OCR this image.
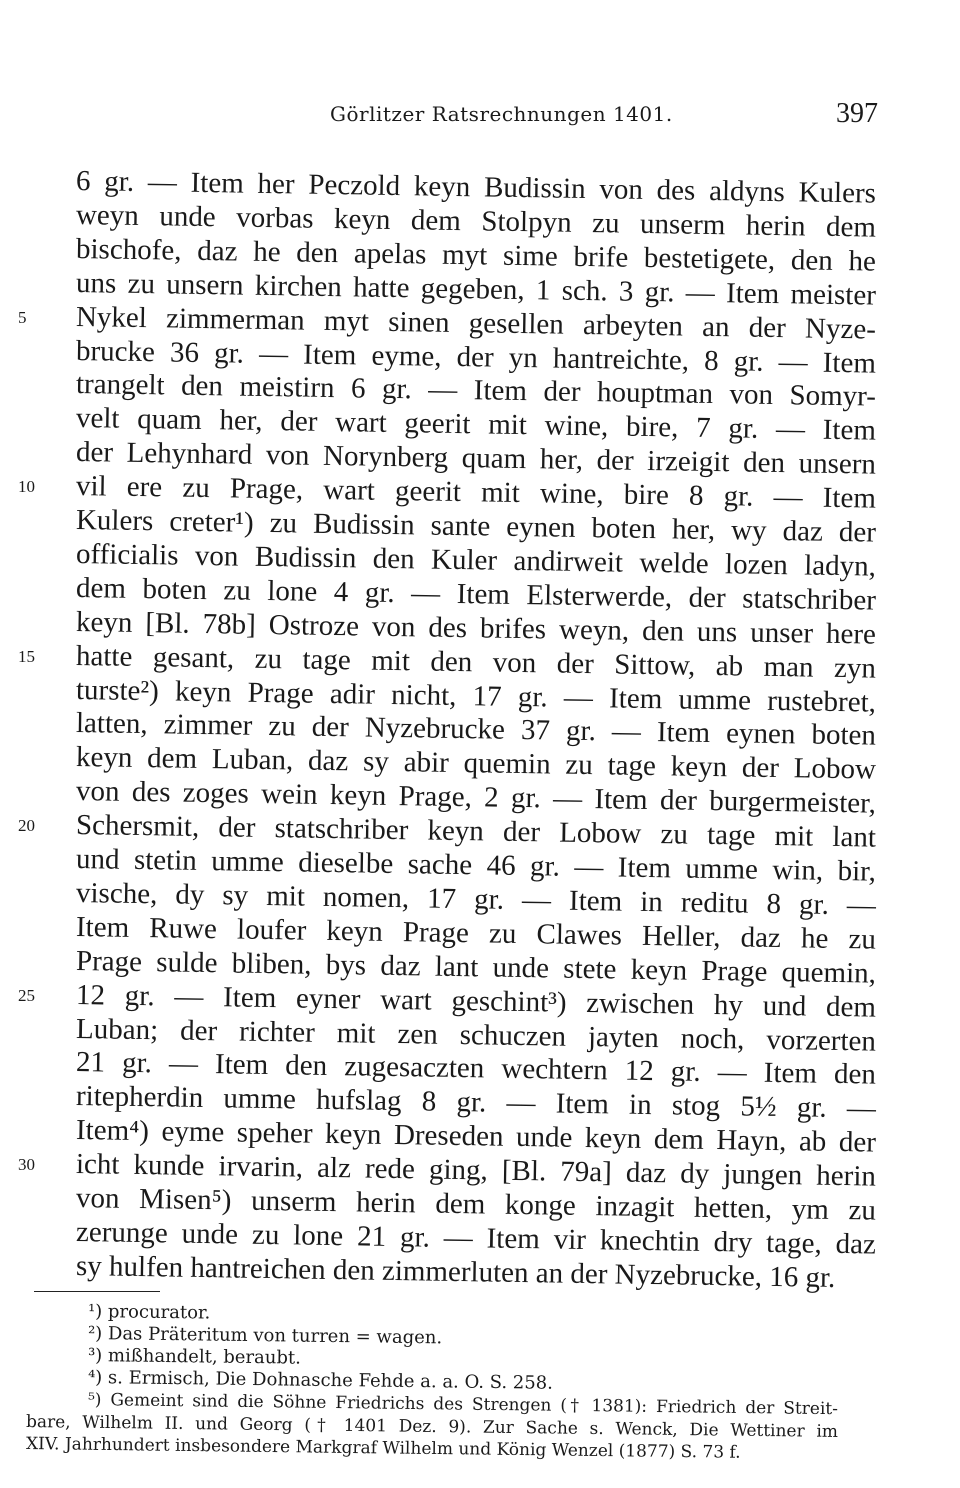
Görlitzer Ratsrechnungen 1401.	397
6 gr. — Item her Peczold keyn Budissin von des aldyns Kulers
weyn unde vorbas keyn dem Stolpyn zu unserm herin dem
bischofe, daz he den apelas myt sime brife bestetigete, den he
uns zu unsern kirchen hatte gegeben, 1 sch. 3 gr. — Item meister
Nykel zimmerman myt sinen gesellen arbeyten an der Nyze-
brucke 36 gr. — Item eyme, der yn hantreichte, 8 gr. — Item
trangelt den meistirn 6 gr. — Item der houptman von Somyr-
velt quam her, der wart geerit mit wine, bire, 7 gr. — Item
der Lehynhard von Norynberg quam her, der irzeigit den unsern
vil ere zu Prage, wart geerit mit wine, bire 8 gr. — Item
Kulers creter¹) zu Budissin sante eynen boten her, wy daz der
officialis von Budissin den Kuler andirweit welde lozen ladyn,
dem boten zu lone 4 gr. — Item Elsterwerde, der statschriber
keyn [Bl. 78b] Ostroze von des brifes weyn, den uns unser here
hatte gesant, zu tage mit den von der Sittow, ab man zyn
turste²) keyn Prage adir nicht, 17 gr. — Item umme rustebret,
latten, zimmer zu der Nyzebrucke 37 gr. — Item eynen boten
keyn dem Luban, daz sy abir quemin zu tage keyn der Lobow
von des zoges wein keyn Prage, 2 gr. — Item der burgermeister,
Schersmit, der statschriber keyn der Lobow zu tage mit lant
und stetin umme dieselbe sache 46 gr. — Item umme win, bir,
vische, dy sy mit nomen, 17 gr. — Item in reditu 8 gr. —
Item Ruwe loufer keyn Prage zu Clawes Heller, daz he zu
Prage sulde bliben, bys daz lant unde stete keyn Prage quemin,
12 gr. — Item eyner wart geschint³) zwischen hy und dem
Luban; der richter mit zen schuczen jayten noch, vorzerten
21 gr. — Item den zugesaczten wechtern 12 gr. — Item den
ritepherdin umme hufslag 8 gr. — Item in stog 5½ gr. —
Item⁴) eyme speher keyn Dreseden unde keyn dem Hayn, ab der
icht kunde irvarin, alz rede ging, [Bl. 79a] daz dy jungen herin
von Misen⁵) unserm herin dem konge inzagit hetten, ym zu
zerunge unde zu lone 21 gr. — Item vir knechtin dry tage, daz
sy hulfen hantreichen den zimmerluten an der Nyzebrucke, 16 gr.
5
10
15
20
25
30
¹) procurator.
²) Das Präteritum von turren = wagen.
³) mißhandelt, beraubt.
⁴) s. Ermisch, Die Dohnasche Fehde a. a. O. S. 258.
⁵) Gemeint sind die Söhne Friedrichs des Strengen († 1381): Friedrich der Streit-
bare, Wilhelm II. und Georg († 1401 Dez. 9). Zur Sache s. Wenck, Die Wettiner im
XIV. Jahrhundert insbesondere Markgraf Wilhelm und König Wenzel (1877) S. 73 f.
